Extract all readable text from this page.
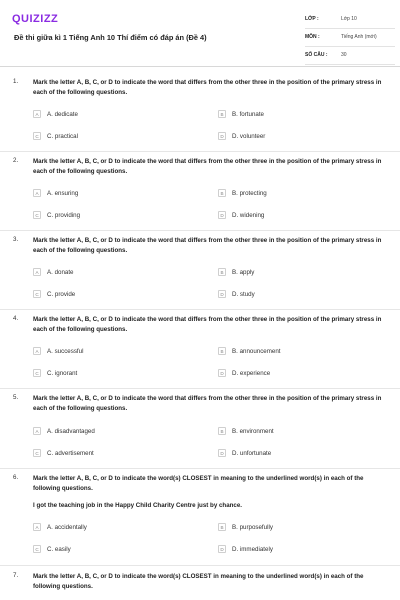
QUIZIZZ
Đề thi giữa kì 1 Tiếng Anh 10 Thí điểm có đáp án (Đề 4)
LỚP :	Lớp 10
MÔN :	Tiếng Anh (mới)
SỐ CÂU :	30
1. Mark the letter A, B, C, or D to indicate the word that differs from the other three in the position of the primary stress in each of the following questions.
A	A. dedicate	B	B. fortunate
C	C. practical	D	D. volunteer
2. Mark the letter A, B, C, or D to indicate the word that differs from the other three in the position of the primary stress in each of the following questions.
A	A. ensuring	B	B. protecting
C	C. providing	D	D. widening
3. Mark the letter A, B, C, or D to indicate the word that differs from the other three in the position of the primary stress in each of the following questions.
A	A. donate	B	B. apply
C	C. provide	D	D. study
4. Mark the letter A, B, C, or D to indicate the word that differs from the other three in the position of the primary stress in each of the following questions.
A	A. successful	B	B. announcement
C	C. ignorant	D	D. experience
5. Mark the letter A, B, C, or D to indicate the word that differs from the other three in the position of the primary stress in each of the following questions.
A	A. disadvantaged	B	B. environment
C	C. advertisement	D	D. unfortunate
6. Mark the letter A, B, C, or D to indicate the word(s) CLOSEST in meaning to the underlined word(s) in each of the following questions.
I got the teaching job in the Happy Child Charity Centre just by chance.
A	A. accidentally	B	B. purposefully
C	C. easily	D	D. immediately
7. Mark the letter A, B, C, or D to indicate the word(s) CLOSEST in meaning to the underlined word(s) in each of the following questions.
